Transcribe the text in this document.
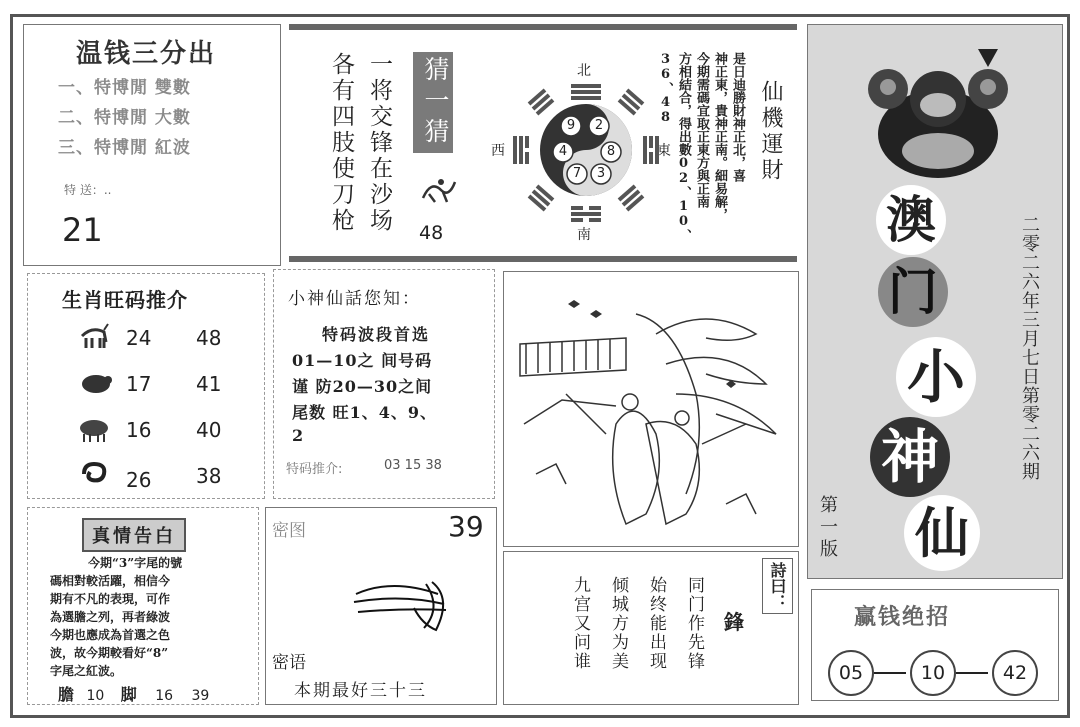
温钱三分出
一、特博閒 雙數
二、特博閒 大數
三、特博閒 紅波
特 送：..
21	各有四肢使刀枪 一将交锋在沙场	猜一猜
48
北
南
西	東
9 2
4	8
7 3	是日迪勝財神正北，喜
神正東，貴神正南。細易解，
今期需碼宜取正東方與正南
方相結合，得出數02、10、
36、48	仙機運財
澳
门
小
神
仙
二零二六年三月七日第零二六期
第一版
生肖旺码推介
24 48
17 41
16 40
26 38
小神仙話您知：
特码波段首选
01—10之 间号码
谨 防20—30之间
尾数 旺1、4、9、
2
特码推介:	03 15 38
真情告白
今期“3”字尾的號
碼相對較活躍，相信今
期有不凡的表現，可作
為選膽之列，再者綠波
今期也應成為首選之色
波，故今期較看好“8”
字尾之紅波。
膽 10 脚 16 39
密图	39
密语
本期最好三十三
詩曰：
鋒
同门作先锋
始终能出现
倾城方为美
九宫又问谁	赢钱绝招
05	10	42
